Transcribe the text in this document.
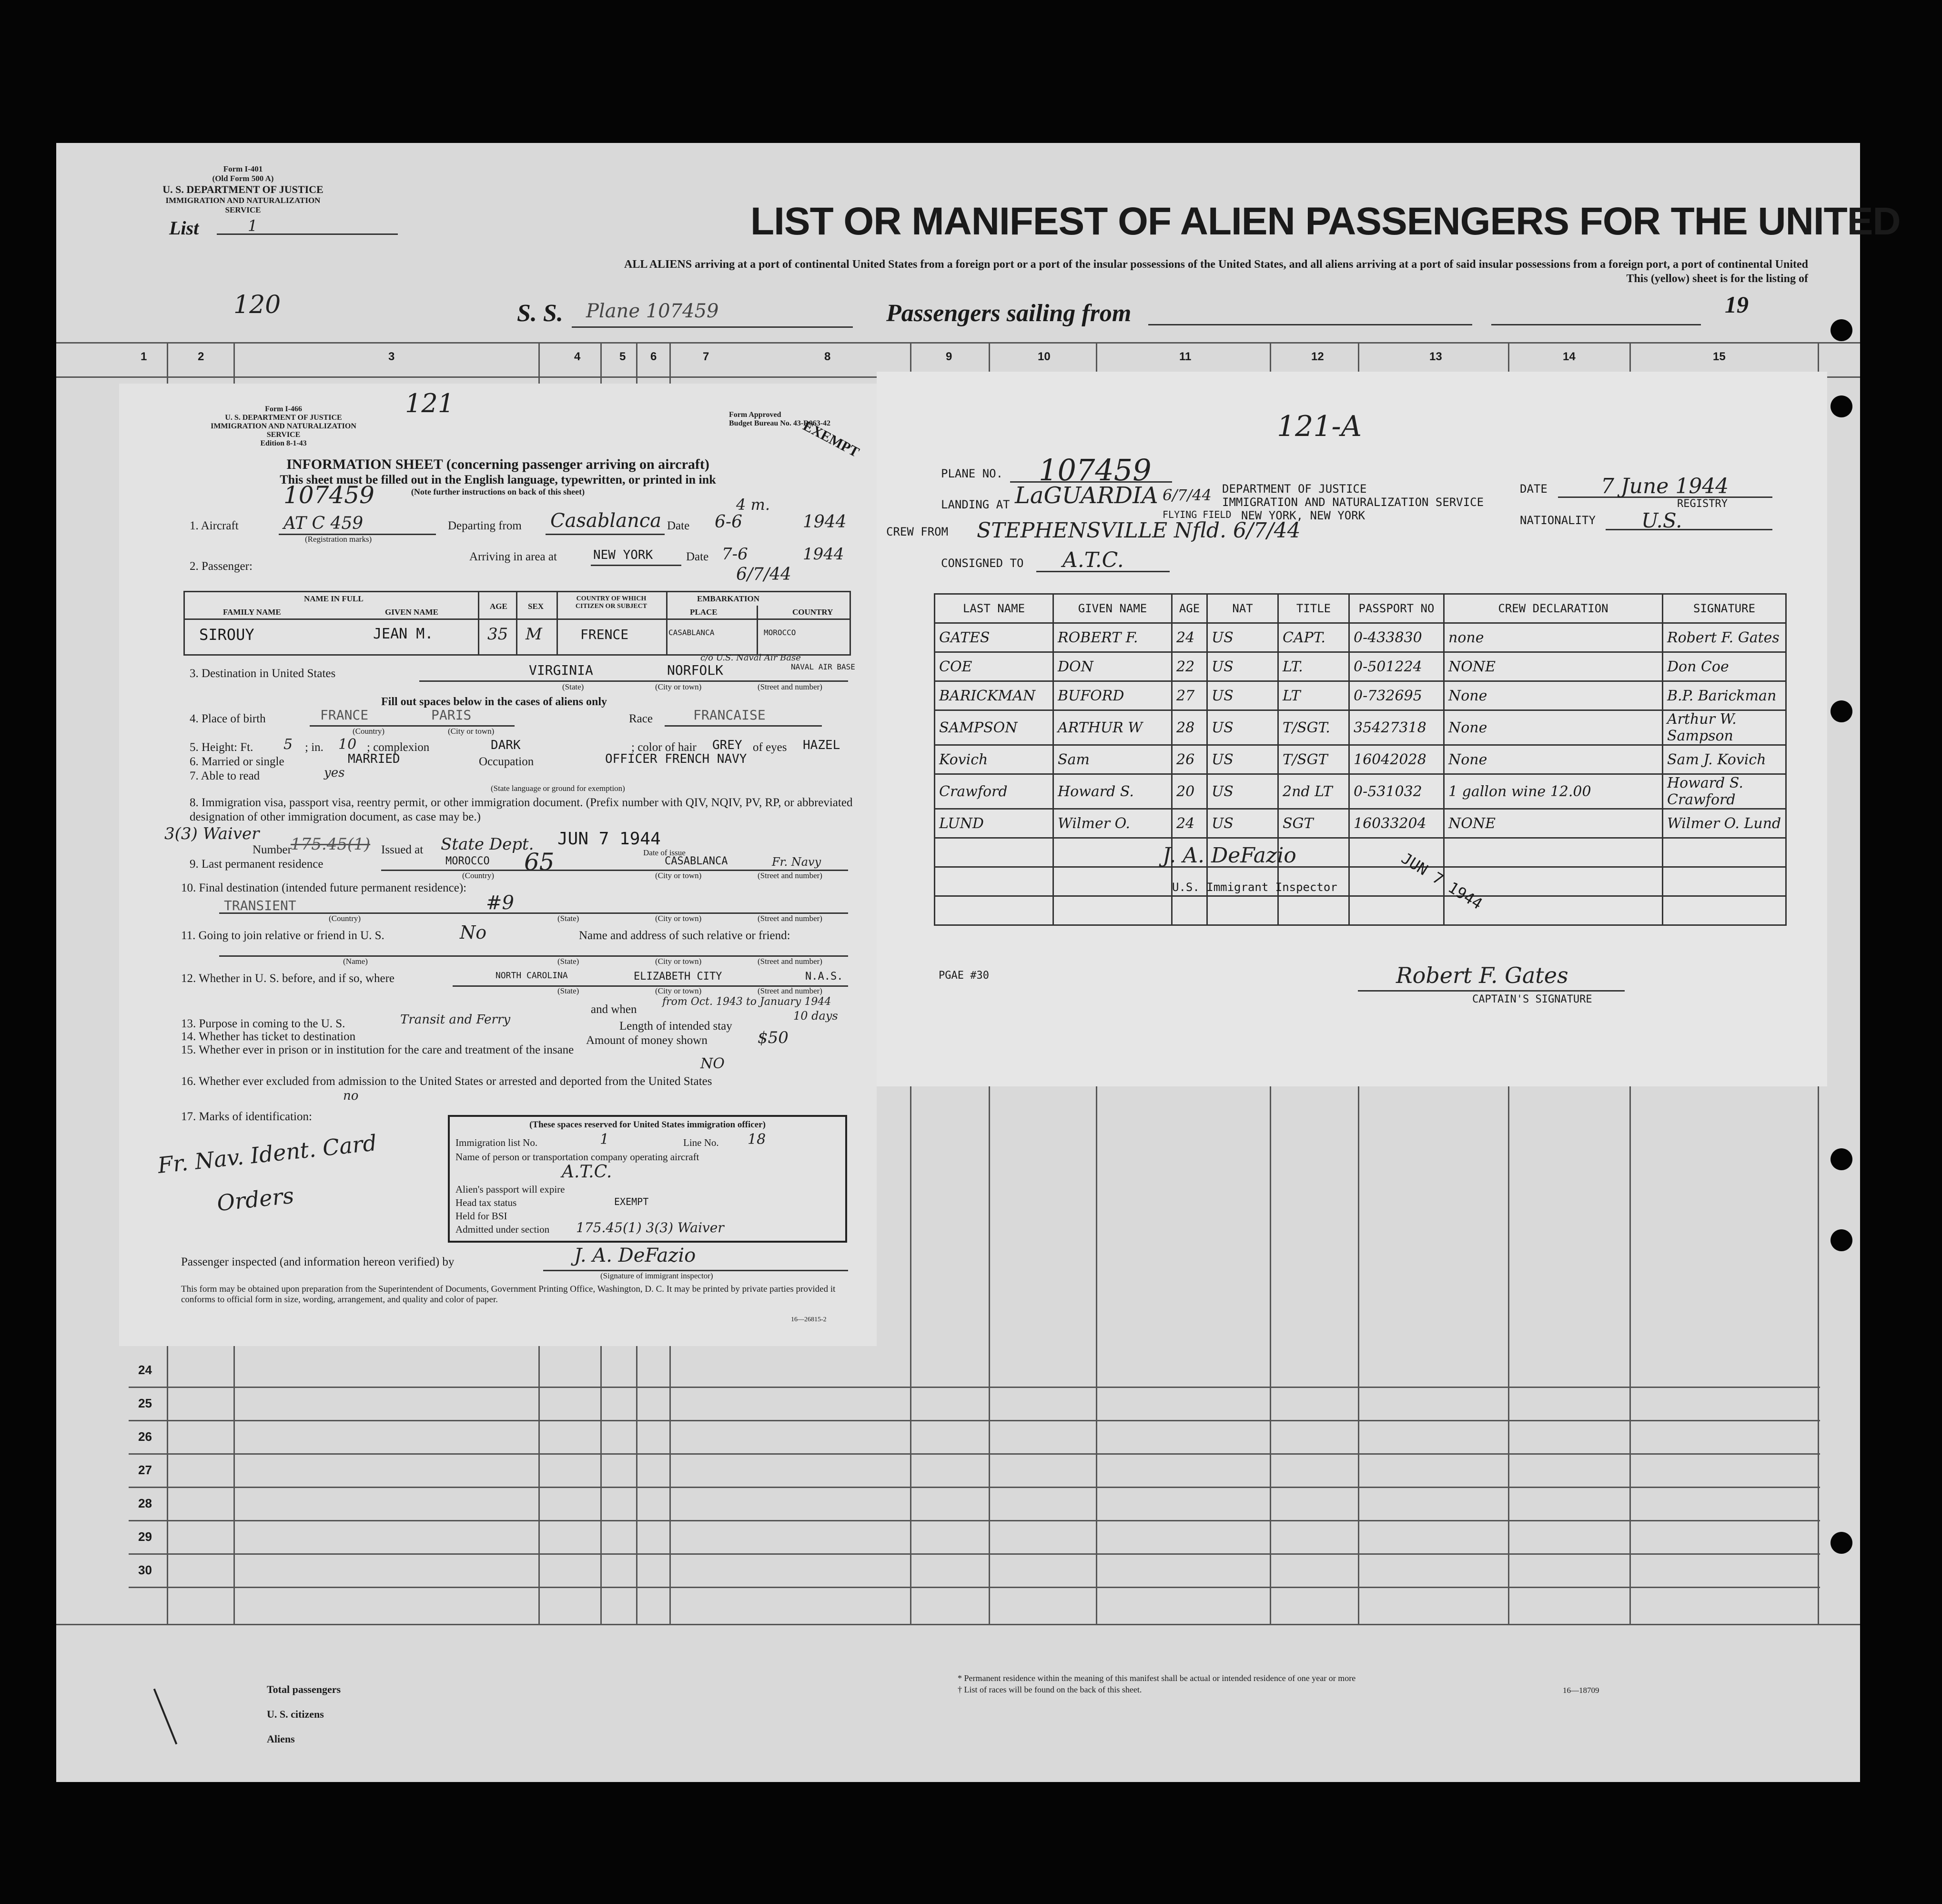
Form I-401
(Old Form 500 A)
U. S. DEPARTMENT OF JUSTICE
IMMIGRATION AND NATURALIZATION SERVICE
List	1	LIST OR MANIFEST OF ALIEN PASSENGERS FOR THE UNITED
ALL ALIENS arriving at a port of continental United States from a foreign port or a port of the insular possessions of the United States, and all aliens arriving at a port of said insular possessions from a foreign port, a port of continental United
This (yellow) sheet is for the listing of
120	S. S. Plane 107459	Passengers sailing from	19
1	2	3	4	5 6	7	8	9	10	11	12	13	14	15
24
25
26
27
28
29
30
Total passengers
U. S. citizens
Aliens
* Permanent residence within the meaning of this manifest shall be actual or intended residence of one year or more
† List of races will be found on the back of this sheet.	16—18709
121
Form I-466
U. S. DEPARTMENT OF JUSTICE
IMMIGRATION AND NATURALIZATION SERVICE
Edition 8-1-43
Form Approved
Budget Bureau No. 43-R063-42
EXEMPT
INFORMATION SHEET (concerning passenger arriving on aircraft)
This sheet must be filled out in the English language, typewritten, or printed in ink
(Note further instructions on back of this sheet)
107459
1. Aircraft	AT C 459
(Registration marks)
Departing from Casablanca
4 m.
Date 6-6	1944
Arriving in area at	NEW YORK	Date 7-6	1944
6/7/44
2. Passenger:
NAME IN FULL
FAMILY NAME	GIVEN NAME
AGE	SEX
COUNTRY OF WHICH CITIZEN OR SUBJECT
EMBARKATION
PLACE	COUNTRY
SIROUY	JEAN M.	35 M	FRENCE	CASABLANCA	MOROCCO
3. Destination in United States	VIRGINIA	NORFOLK	NAVAL AIR BASE
c/o U.S. Naval Air Base
(State)	(City or town)	(Street and number)
Fill out spaces below in the cases of aliens only
4. Place of birth	FRANCE	PARIS
(Country)	(City or town)
Race	FRANCAISE
5. Height: Ft. 5 ; in. 10 ; complexion	DARK	; color of hair GREY of eyes HAZEL
6. Married or single	MARRIED	Occupation	OFFICER FRENCH NAVY
7. Able to read	yes
(State language or ground for exemption)
8. Immigration visa, passport visa, reentry permit, or other immigration document. (Prefix number with QIV, NQIV, PV, RP, or abbreviated designation of other immigration document, as case may be.)
3(3) Waiver
Number
175.45(1) Issued at State Dept. JUN 7 1944
Date of issue
9. Last permanent residence	MOROCCO 65	CASABLANCA	Fr. Navy
(Country)	(City or town)	(Street and number)
10. Final destination (intended future permanent residence):
TRANSIENT	#9
(Country)	(State)	(City or town)	(Street and number)
11. Going to join relative or friend in U. S.	No	Name and address of such relative or friend:
(Name)	(State)	(City or town)	(Street and number)
12. Whether in U. S. before, and if so, where	NORTH CAROLINA	ELIZABETH CITY	N.A.S.
(State)	(City or town)	(Street and number)
and when
from Oct. 1943 to January 1944
13. Purpose in coming to the U. S.	Transit and Ferry	Length of intended stay
10 days
14. Whether has ticket to destination	Amount of money shown	$50
15. Whether ever in prison or in institution for the care and treatment of the insane
NO
16. Whether ever excluded from admission to the United States or arrested and deported from the United States
no
17. Marks of identification:
Fr. Nav. Ident. Card
Orders
(These spaces reserved for United States immigration officer)
Immigration list No.	1	Line No. 18
Name of person or transportation company operating aircraft
A.T.C.
Alien's passport will expire
Head tax status	EXEMPT
Held for BSI
Admitted under section 175.45(1) 3(3) Waiver
Passenger inspected (and information hereon verified) by	J. A. DeFazio
(Signature of immigrant inspector)
This form may be obtained upon preparation from the Superintendent of Documents, Government Printing Office, Washington, D. C. It may be printed by private parties provided it conforms to official form in size, wording, arrangement, and quality and color of paper.
16—26815-2
121-A
PLANE NO. 107459
DEPARTMENT OF JUSTICE
IMMIGRATION AND NATURALIZATION SERVICE
NEW YORK, NEW YORK
FLYING FIELD
DATE	7 June 1944
REGISTRY
LANDING AT LaGUARDIA 6/7/44
NATIONALITY U.S.
CREW FROM STEPHENSVILLE Nfld. 6/7/44
CONSIGNED TO A.T.C.
LAST NAME	GIVEN NAME	AGE	NAT	TITLE	PASSPORT NO	CREW DECLARATION	SIGNATURE
GATES	ROBERT F.	24	US	CAPT.	0-433830	none	Robert F. Gates
COE	DON	22	US	LT.	0-501224	NONE	Don Coe
BARICKMAN	BUFORD	27	US	LT	0-732695	None	B.P. Barickman
SAMPSON	ARTHUR W	28	US	T/SGT.	35427318	None	Arthur W. Sampson
Kovich	Sam	26	US	T/SGT	16042028	None	Sam J. Kovich
Crawford	Howard S.	20	US	2nd LT	0-531032	1 gallon wine 12.00	Howard S. Crawford
LUND	Wilmer O.	24	US	SGT	16033204	NONE	Wilmer O. Lund

J. A. DeFazio
U.S. Immigrant Inspector	JUN 7 1944
PGAE #30	Robert F. Gates
CAPTAIN'S SIGNATURE
